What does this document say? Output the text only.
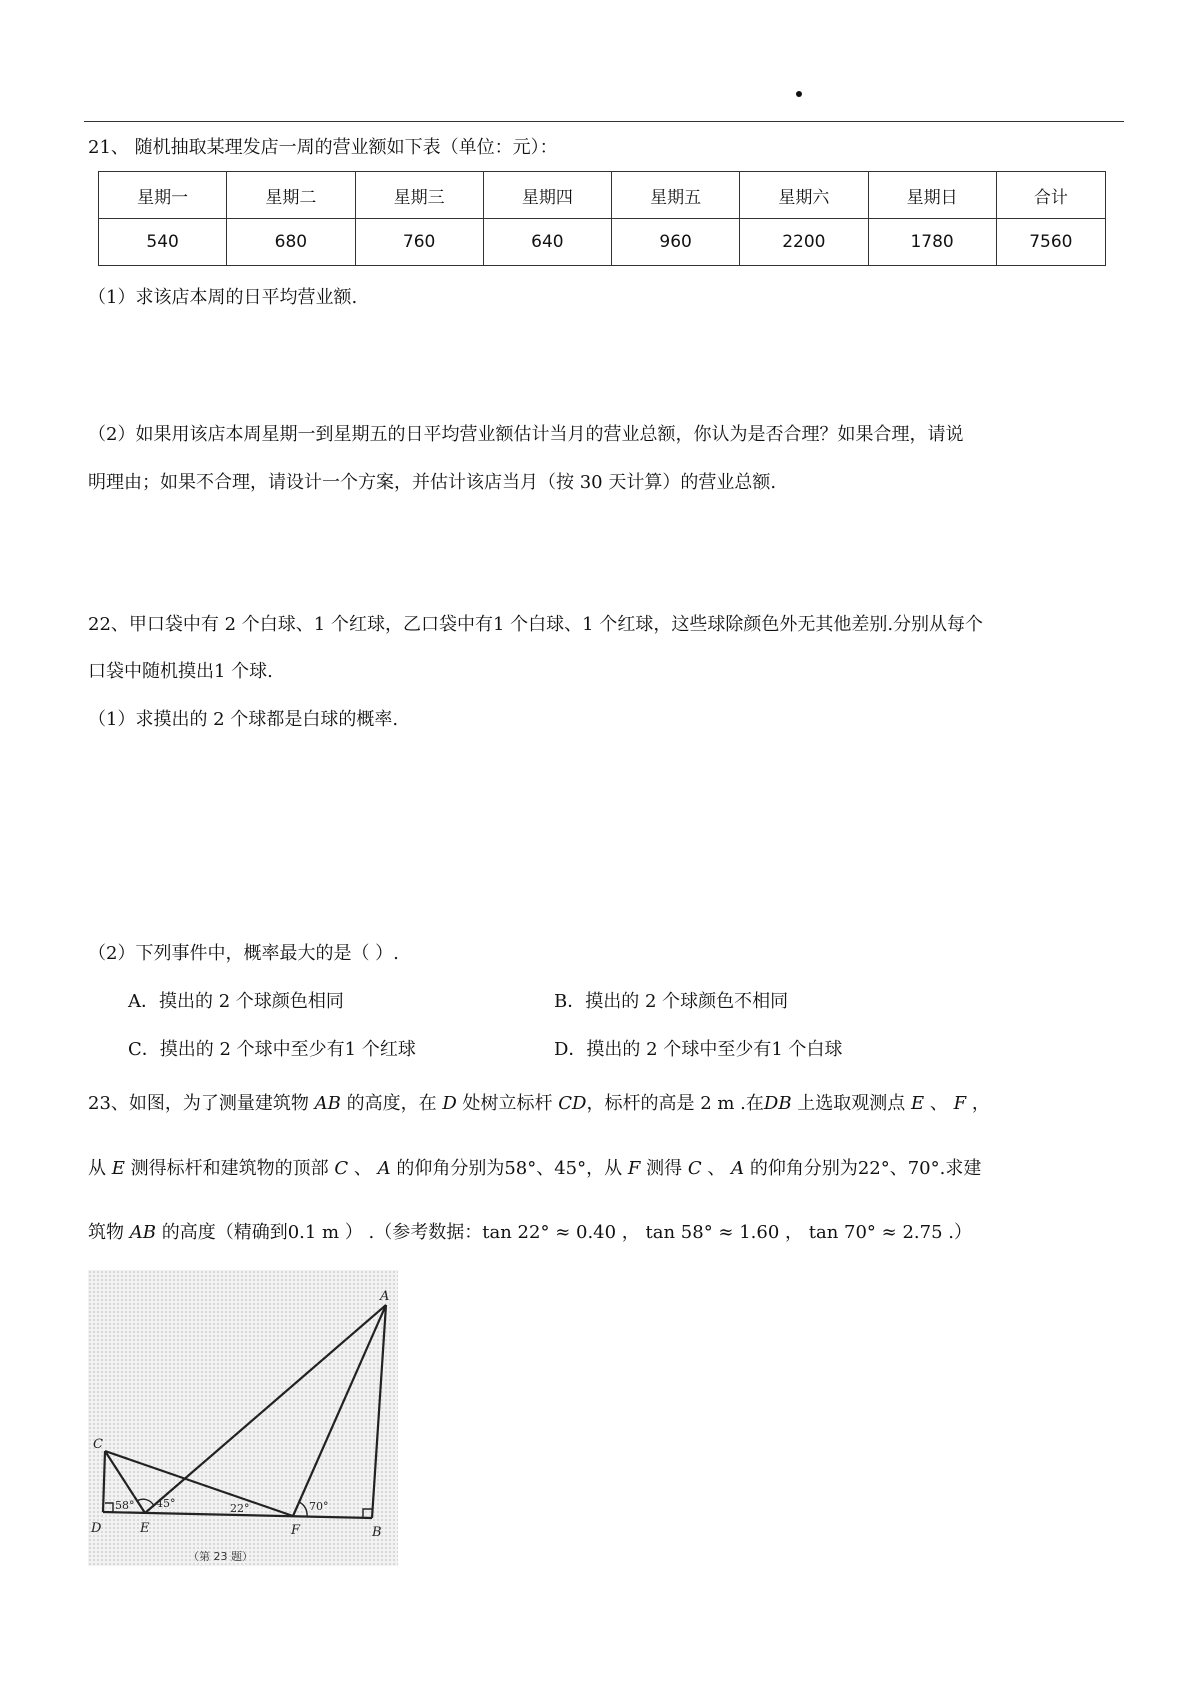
21、 随机抽取某理发店一周的营业额如下表（单位：元）：
星期一	星期二	星期三	星期四	星期五	星期六	星期日	合计
540	680	760	640	960	2200	1780	7560
（1）求该店本周的日平均营业额.
（2）如果用该店本周星期一到星期五的日平均营业额估计当月的营业总额，你认为是否合理？如果合理，请说
明理由；如果不合理，请设计一个方案，并估计该店当月（按 30 天计算）的营业总额.
22、甲口袋中有 2 个白球、1 个红球，乙口袋中有1 个白球、1 个红球，这些球除颜色外无其他差别.分别从每个
口袋中随机摸出1 个球.
（1）求摸出的 2 个球都是白球的概率.
（2）下列事件中，概率最大的是（ ）.
A．摸出的 2 个球颜色相同	B．摸出的 2 个球颜色不相同
C．摸出的 2 个球中至少有1 个红球	D．摸出的 2 个球中至少有1 个白球
23、如图，为了测量建筑物 AB 的高度，在 D 处树立标杆 CD，标杆的高是 2 m .在DB 上选取观测点 E 、 F ，
从 E 测得标杆和建筑物的顶部 C 、 A 的仰角分别为58°、45°，从 F 测得 C 、 A 的仰角分别为22°、70°.求建
筑物 AB 的高度（精确到0.1 m ） .（参考数据：tan 22° ≈ 0.40 ， tan 58° ≈ 1.60 ， tan 70° ≈ 2.75 .）
A
B
C
D	E	F
58° 45°	22°	70°
（第 23 题）
